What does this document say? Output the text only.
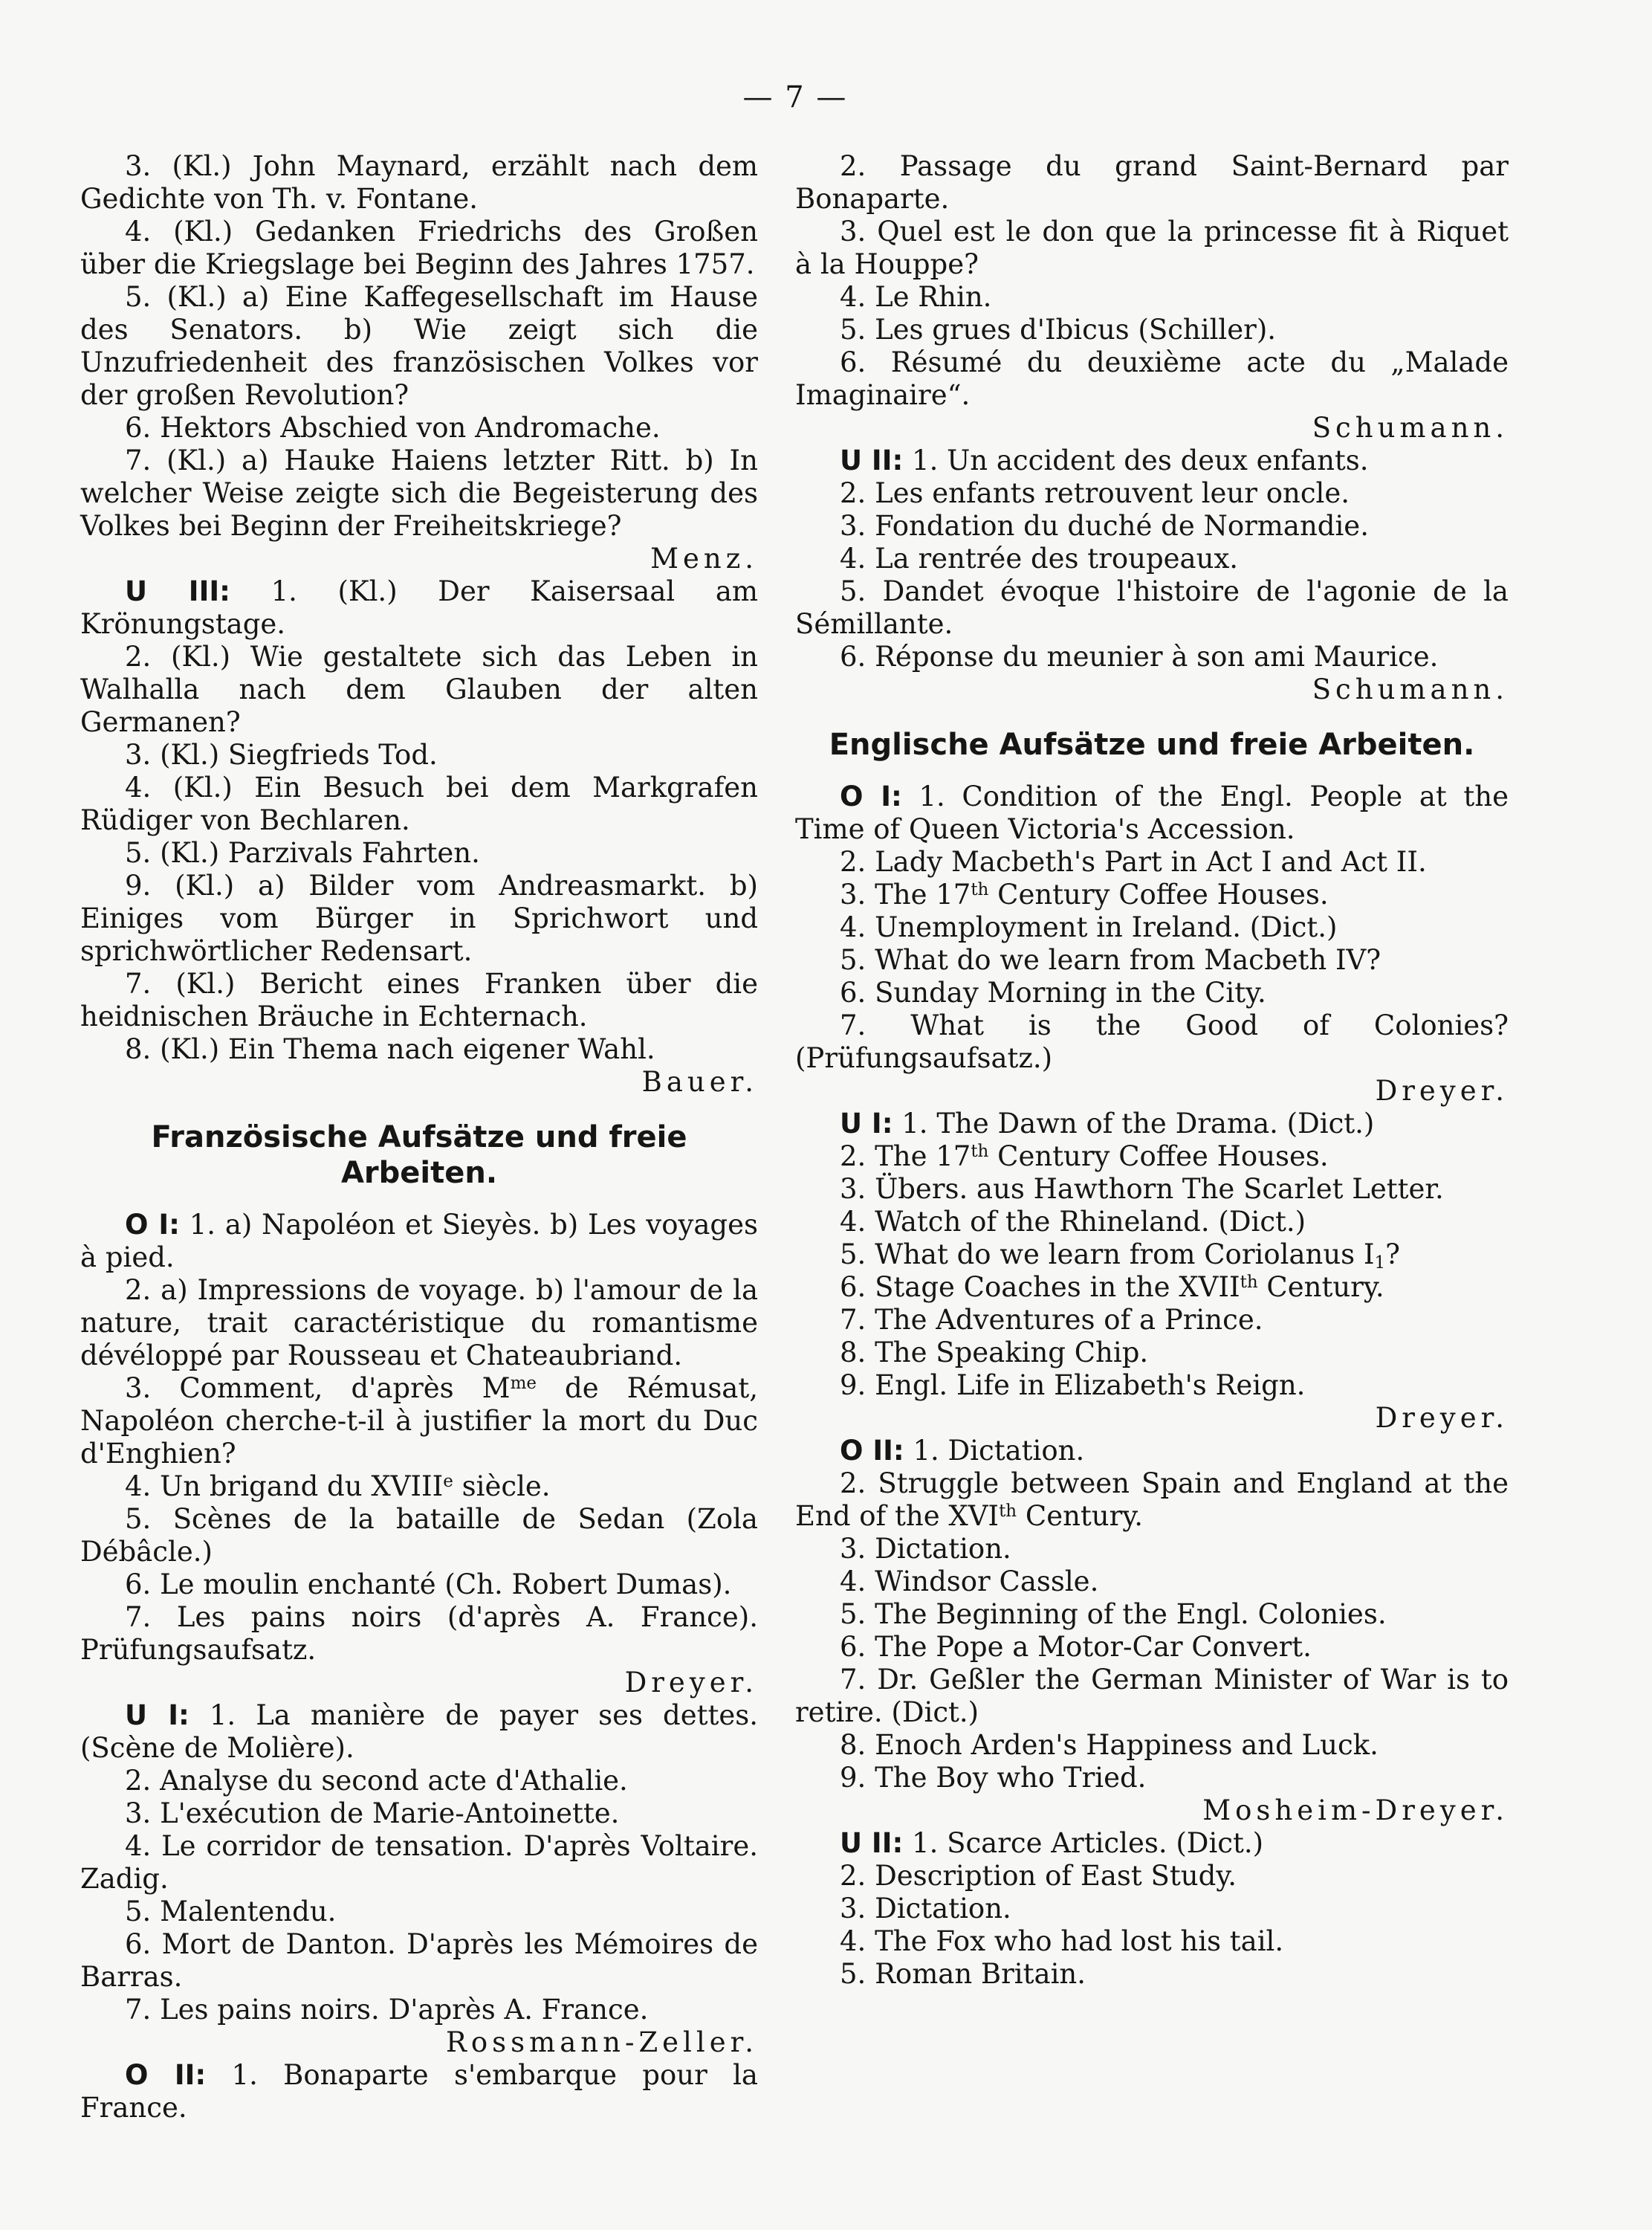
— 7 —

3. (Kl.) John Maynard, erzählt nach dem Gedichte von Th. v. Fontane.

4. (Kl.) Gedanken Friedrichs des Großen über die Kriegslage bei Beginn des Jahres 1757.

5. (Kl.) a) Eine Kaffegesellschaft im Hause des Senators. b) Wie zeigt sich die Unzufriedenheit des französischen Volkes vor der großen Revolution?

6. Hektors Abschied von Andromache.

7. (Kl.) a) Hauke Haiens letzter Ritt. b) In welcher Weise zeigte sich die Begeisterung des Volkes bei Beginn der Freiheitskriege?

Menz.

U III: 1. (Kl.) Der Kaisersaal am Krönungstage.

2. (Kl.) Wie gestaltete sich das Leben in Walhalla nach dem Glauben der alten Germanen?

3. (Kl.) Siegfrieds Tod.

4. (Kl.) Ein Besuch bei dem Markgrafen Rüdiger von Bechlaren.

5. (Kl.) Parzivals Fahrten.

9. (Kl.) a) Bilder vom Andreasmarkt. b) Einiges vom Bürger in Sprichwort und sprichwörtlicher Redensart.

7. (Kl.) Bericht eines Franken über die heidnischen Bräuche in Echternach.

8. (Kl.) Ein Thema nach eigener Wahl.

Bauer.

Französische Aufsätze und freie Arbeiten.

O I: 1. a) Napoléon et Sieyès. b) Les voyages à pied.

2. a) Impressions de voyage. b) l'amour de la nature, trait caractéristique du romantisme dévéloppé par Rousseau et Chateaubriand.

3. Comment, d'après $M^{me}$ de Rémusat, Napoléon cherche-t-il à justifier la mort du Duc d'Enghien?

4. Un brigand du XVIIIe siècle.

5. Scènes de la bataille de Sedan (Zola Débâcle.)

6. Le moulin enchanté (Ch. Robert Dumas).

7. Les pains noirs (d'après A. France). Prüfungsaufsatz.

Dreyer.

U I: 1. La manière de payer ses dettes. (Scène de Molière).

2. Analyse du second acte d'Athalie.

3. L'exécution de Marie-Antoinette.

4. Le corridor de tensation. D'après Voltaire. Zadig.

5. Malentendu.

6. Mort de Danton. D'après les Mémoires de Barras.

7. Les pains noirs. D'après A. France.

Rossmann-Zeller.

O II: 1. Bonaparte s'embarque pour la France.

2. Passage du grand Saint-Bernard par Bonaparte.

3. Quel est le don que la princesse fit à Riquet à la Houppe?

4. Le Rhin.

5. Les grues d'Ibicus (Schiller).

6. Résumé du deuxième acte du „Malade Imaginaire“.

Schumann.

U II: 1. Un accident des deux enfants.

2. Les enfants retrouvent leur oncle.

3. Fondation du duché de Normandie.

4. La rentrée des troupeaux.

5. Dandet évoque l'histoire de l'agonie de la Sémillante.

6. Réponse du meunier à son ami Maurice.

Schumann.

Englische Aufsätze und freie Arbeiten.

O I: 1. Condition of the Engl. People at the Time of Queen Victoria's Accession.

2. Lady Macbeth's Part in Act I and Act II.

3. The 17th Century Coffee Houses.

4. Unemployment in Ireland. (Dict.)

5. What do we learn from Macbeth IV?

6. Sunday Morning in the City.

7. What is the Good of Colonies? (Prüfungsaufsatz.)

Dreyer.

U I: 1. The Dawn of the Drama. (Dict.)

2. The 17th Century Coffee Houses.

3. Übers. aus Hawthorn The Scarlet Letter.

4. Watch of the Rhineland. (Dict.)

5. What do we learn from Coriolanus $I_1$?

6. Stage Coaches in the XVIIth Century.

7. The Adventures of a Prince.

8. The Speaking Chip.

9. Engl. Life in Elizabeth's Reign.

Dreyer.

O II: 1. Dictation.

2. Struggle between Spain and England at the End of the XVIth Century.

3. Dictation.

4. Windsor Cassle.

5. The Beginning of the Engl. Colonies.

6. The Pope a Motor-Car Convert.

7. Dr. Geßler the German Minister of War is to retire. (Dict.)

8. Enoch Arden's Happiness and Luck.

9. The Boy who Tried.

Mosheim-Dreyer.

U II: 1. Scarce Articles. (Dict.)

2. Description of East Study.

3. Dictation.

4. The Fox who had lost his tail.

5. Roman Britain.
